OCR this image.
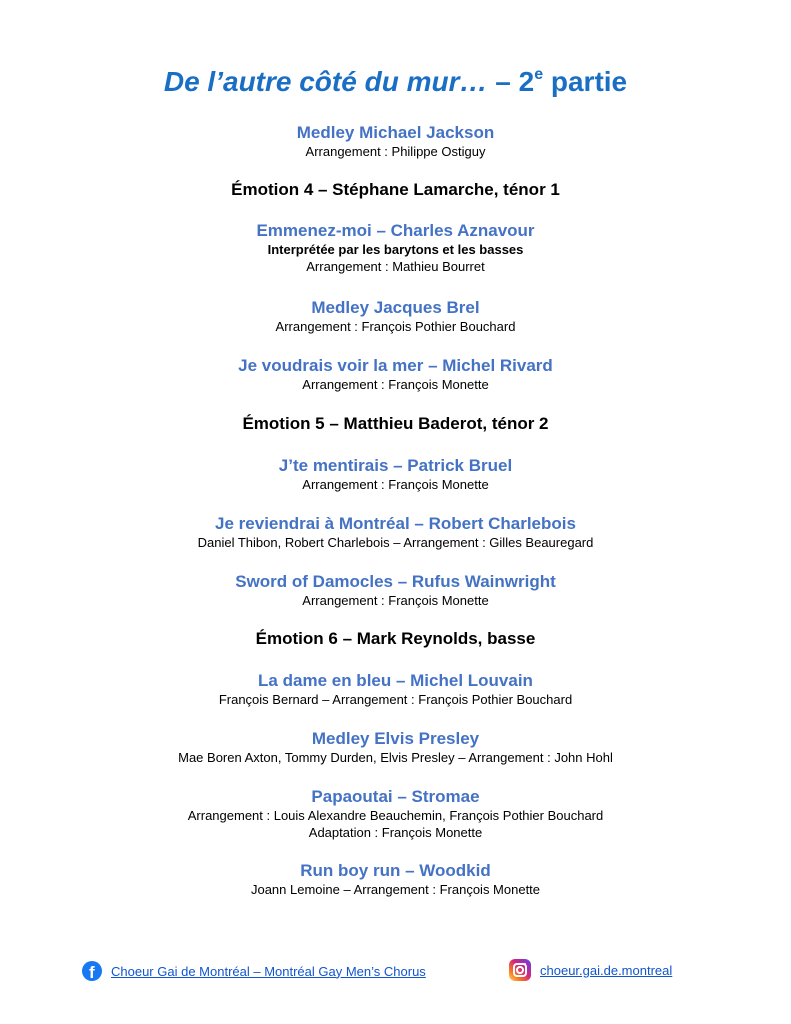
De l’autre côté du mur… – 2e partie
Medley Michael Jackson
Arrangement : Philippe Ostiguy
Émotion 4 – Stéphane Lamarche, ténor 1
Emmenez-moi – Charles Aznavour
Interprétée par les barytons et les basses
Arrangement : Mathieu Bourret
Medley Jacques Brel
Arrangement : François Pothier Bouchard
Je voudrais voir la mer – Michel Rivard
Arrangement : François Monette
Émotion 5 – Matthieu Baderot, ténor 2
J’te mentirais – Patrick Bruel
Arrangement : François Monette
Je reviendrai à Montréal – Robert Charlebois
Daniel Thibon, Robert Charlebois – Arrangement : Gilles Beauregard
Sword of Damocles – Rufus Wainwright
Arrangement : François Monette
Émotion 6 – Mark Reynolds, basse
La dame en bleu – Michel Louvain
François Bernard – Arrangement : François Pothier Bouchard
Medley Elvis Presley
Mae Boren Axton, Tommy Durden, Elvis Presley – Arrangement : John Hohl
Papaoutai – Stromae
Arrangement : Louis Alexandre Beauchemin, François Pothier Bouchard
Adaptation : François Monette
Run boy run – Woodkid
Joann Lemoine – Arrangement : François Monette
f Choeur Gai de Montréal – Montréal Gay Men’s Chorus	choeur.gai.de.montreal
